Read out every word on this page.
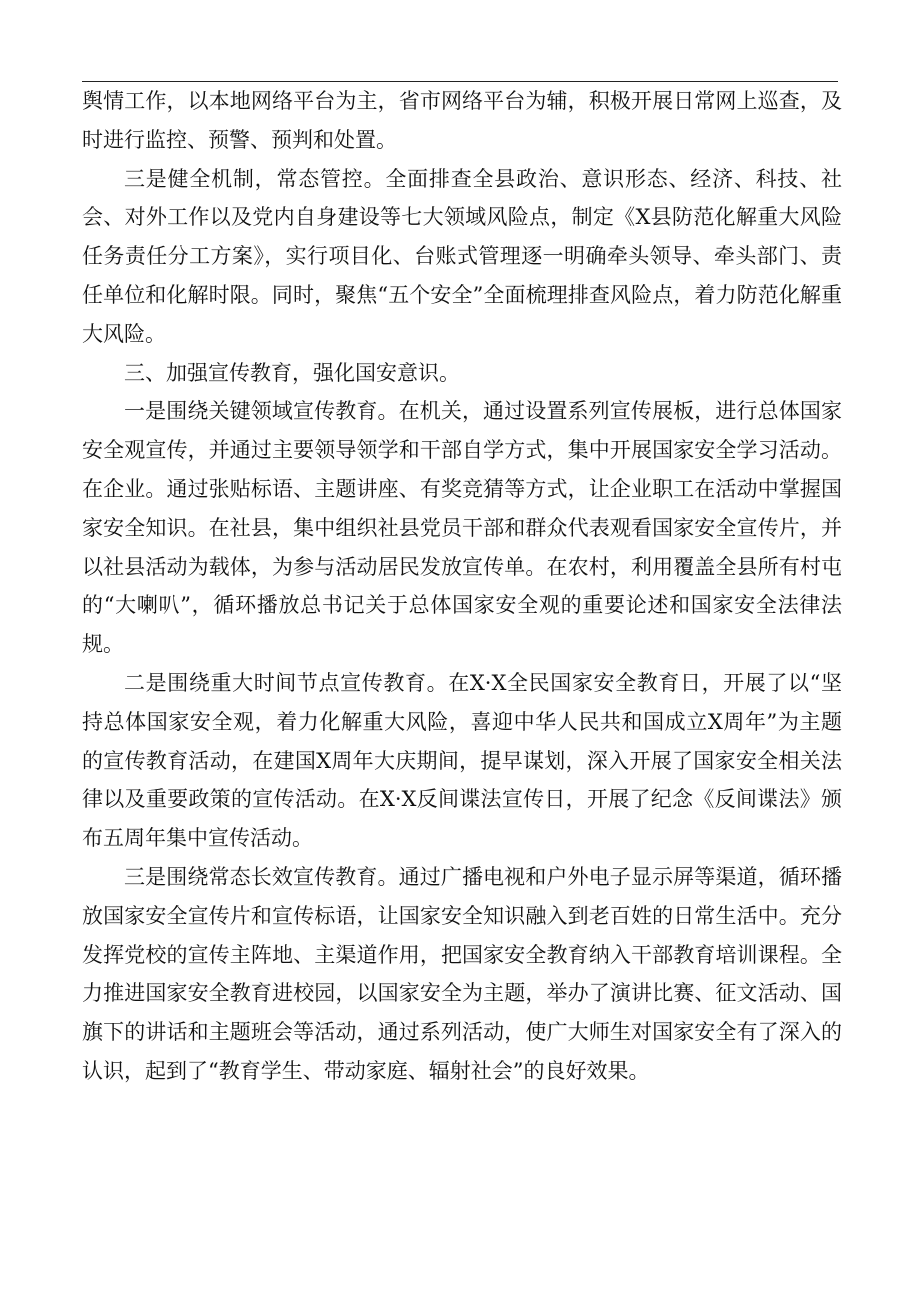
舆情工作，以本地网络平台为主，省市网络平台为辅，积极开展日常网上巡查，及时进行监控、预警、预判和处置。

三是健全机制，常态管控。全面排查全县政治、意识形态、经济、科技、社会、对外工作以及党内自身建设等七大领域风险点，制定《X县防范化解重大风险任务责任分工方案》，实行项目化、台账式管理逐一明确牵头领导、牵头部门、责任单位和化解时限。同时，聚焦“五个安全”全面梳理排查风险点，着力防范化解重大风险。

三、加强宣传教育，强化国安意识。

一是围绕关键领域宣传教育。在机关，通过设置系列宣传展板，进行总体国家安全观宣传，并通过主要领导领学和干部自学方式，集中开展国家安全学习活动。在企业。通过张贴标语、主题讲座、有奖竞猜等方式，让企业职工在活动中掌握国家安全知识。在社县，集中组织社县党员干部和群众代表观看国家安全宣传片，并以社县活动为载体，为参与活动居民发放宣传单。在农村，利用覆盖全县所有村屯的“大喇叭”，循环播放总书记关于总体国家安全观的重要论述和国家安全法律法规。

二是围绕重大时间节点宣传教育。在X·X全民国家安全教育日，开展了以“坚持总体国家安全观，着力化解重大风险，喜迎中华人民共和国成立X周年”为主题的宣传教育活动，在建国X周年大庆期间，提早谋划，深入开展了国家安全相关法律以及重要政策的宣传活动。在X·X反间谍法宣传日，开展了纪念《反间谍法》颁布五周年集中宣传活动。

三是围绕常态长效宣传教育。通过广播电视和户外电子显示屏等渠道，循环播放国家安全宣传片和宣传标语，让国家安全知识融入到老百姓的日常生活中。充分发挥党校的宣传主阵地、主渠道作用，把国家安全教育纳入干部教育培训课程。全力推进国家安全教育进校园，以国家安全为主题，举办了演讲比赛、征文活动、国旗下的讲话和主题班会等活动，通过系列活动，使广大师生对国家安全有了深入的认识，起到了“教育学生、带动家庭、辐射社会”的良好效果。
